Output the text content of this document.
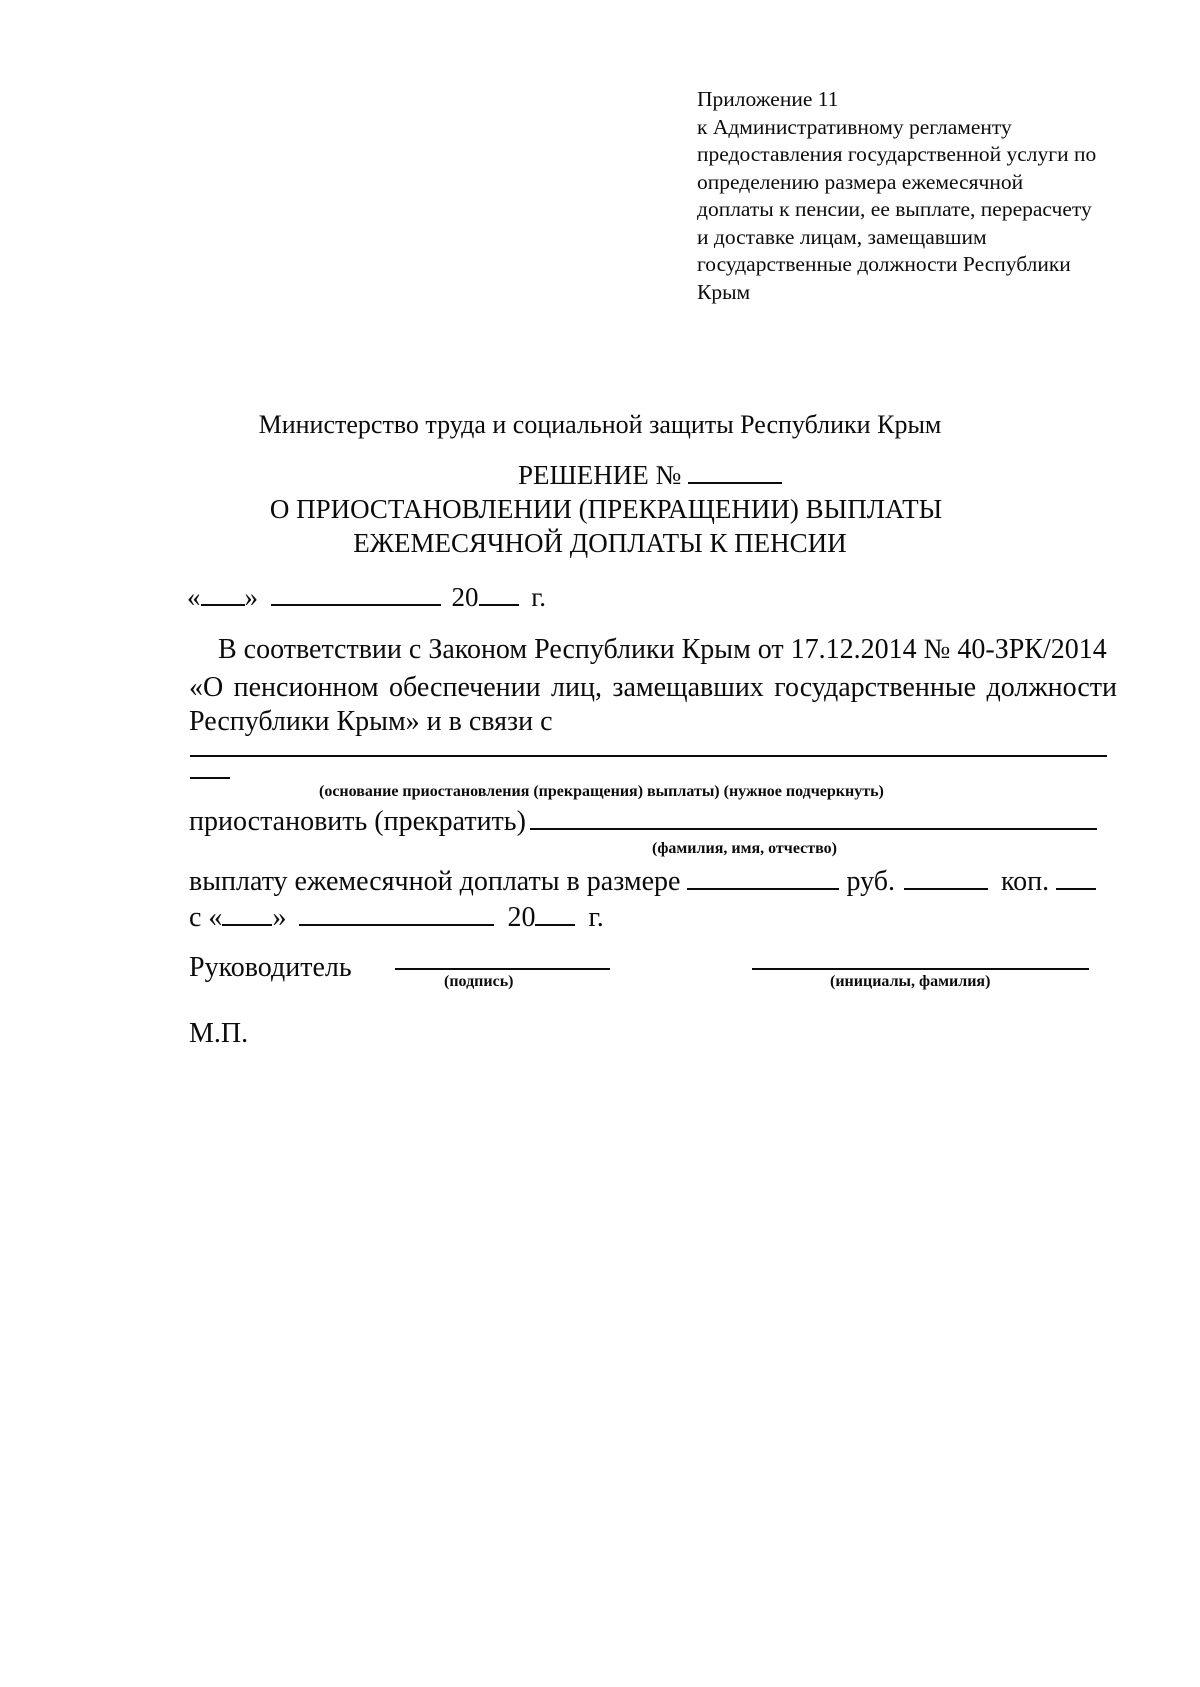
Приложение 11
к Административному регламенту
предоставления государственной услуги по
определению размера ежемесячной
доплаты к пенсии, ее выплате, перерасчету
и доставке лицам, замещавшим
государственные должности Республики
Крым
Министерство труда и социальной защиты Республики Крым
РЕШЕНИЕ №
О ПРИОСТАНОВЛЕНИИ (ПРЕКРАЩЕНИИ) ВЫПЛАТЫ
ЕЖЕМЕСЯЧНОЙ ДОПЛАТЫ К ПЕНСИИ
« »	20 г.
В соответствии с Законом Республики Крым от 17.12.2014 № 40-ЗРК/2014
«О пенсионном обеспечении лиц, замещавших государственные должности
Республики Крым» и в связи с
(основание приостановления (прекращения) выплаты) (нужное подчеркнуть)
приостановить (прекратить)
(фамилия, имя, отчество)
выплату ежемесячной доплаты в размере	руб.	коп.
с « »	20 г.
Руководитель	(подпись)	(инициалы, фамилия)
М.П.
